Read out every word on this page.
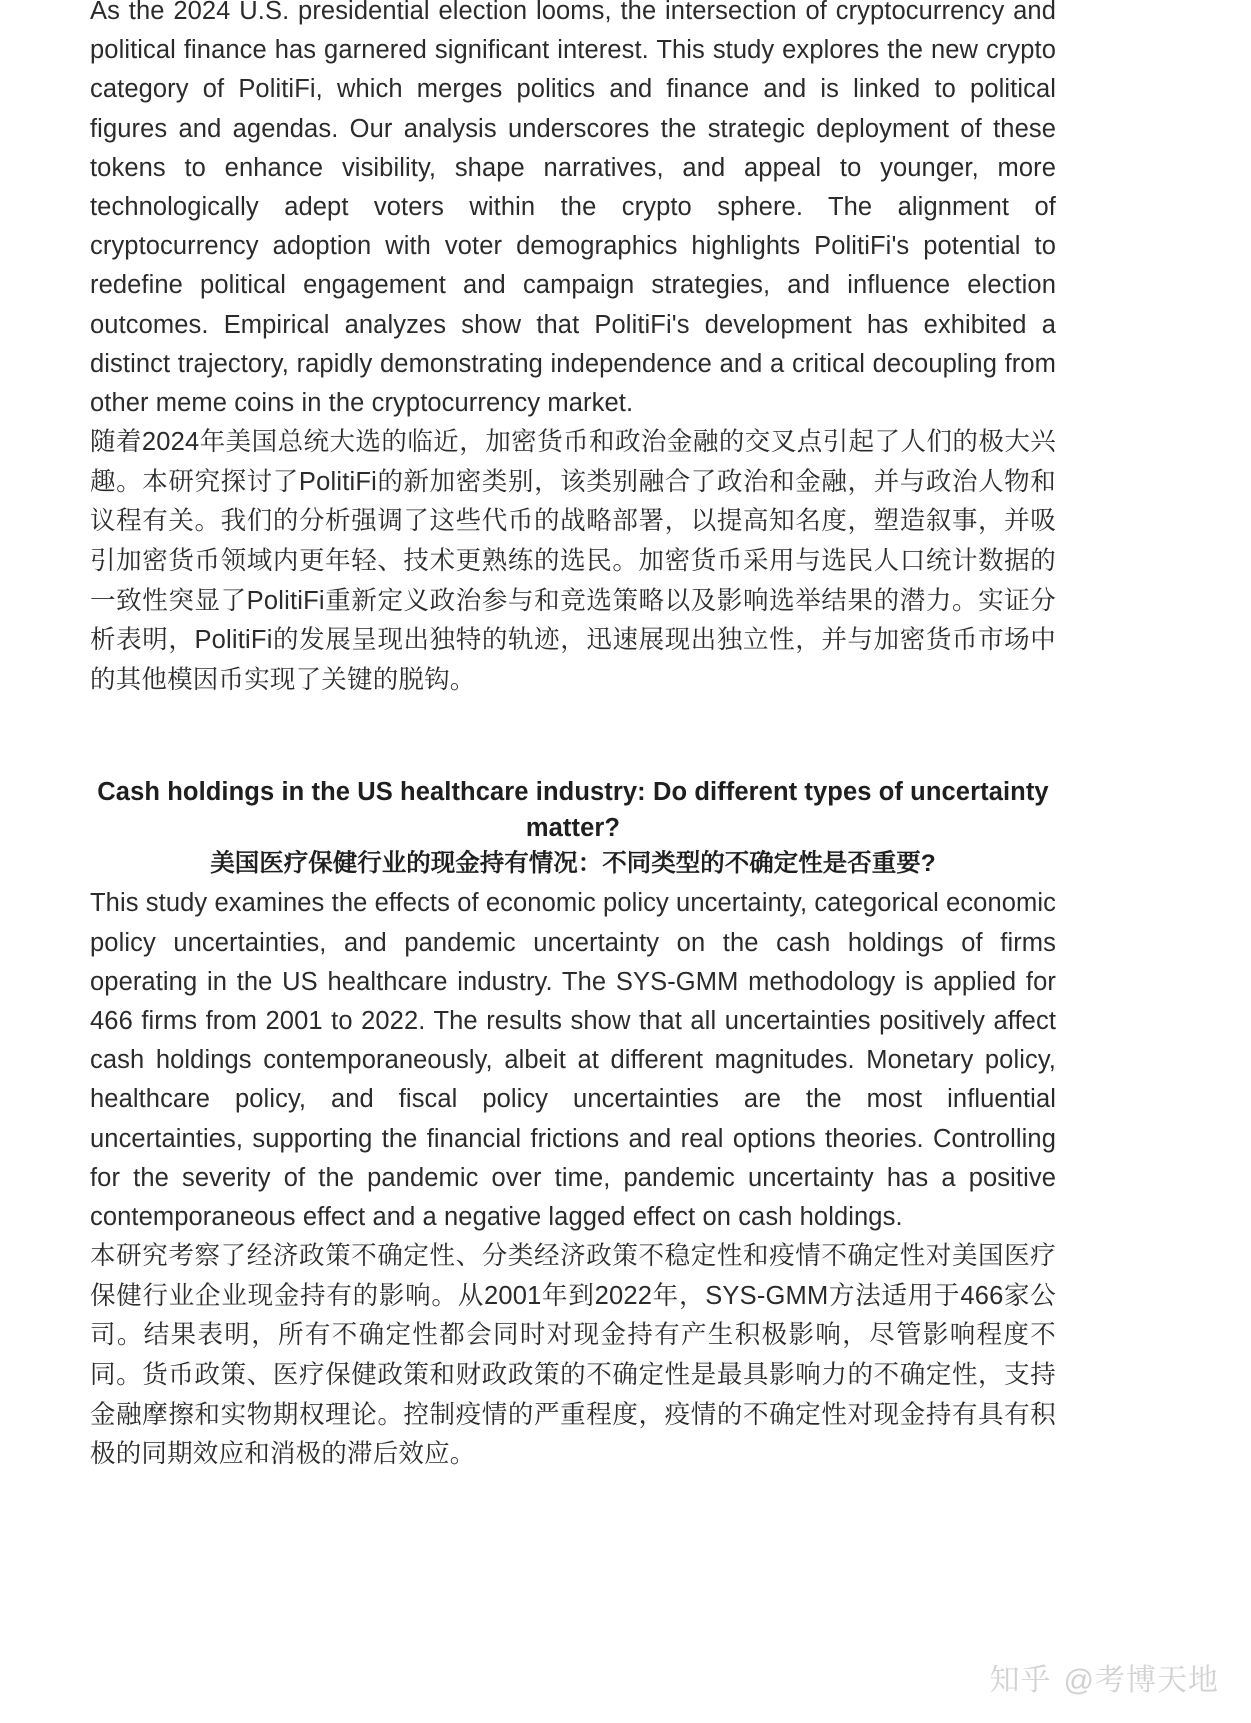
As the 2024 U.S. presidential election looms, the intersection of cryptocurrency and political finance has garnered significant interest. This study explores the new crypto category of PolitiFi, which merges politics and finance and is linked to political figures and agendas. Our analysis underscores the strategic deployment of these tokens to enhance visibility, shape narratives, and appeal to younger, more technologically adept voters within the crypto sphere. The alignment of cryptocurrency adoption with voter demographics highlights PolitiFi's potential to redefine political engagement and campaign strategies, and influence election outcomes. Empirical analyzes show that PolitiFi's development has exhibited a distinct trajectory, rapidly demonstrating independence and a critical decoupling from other meme coins in the cryptocurrency market.

随着2024年美国总统大选的临近，加密货币和政治金融的交叉点引起了人们的极大兴趣。本研究探讨了PolitiFi的新加密类别，该类别融合了政治和金融，并与政治人物和议程有关。我们的分析强调了这些代币的战略部署，以提高知名度，塑造叙事，并吸引加密货币领域内更年轻、技术更熟练的选民。加密货币采用与选民人口统计数据的一致性突显了PolitiFi重新定义政治参与和竞选策略以及影响选举结果的潜力。实证分析表明，PolitiFi的发展呈现出独特的轨迹，迅速展现出独立性，并与加密货币市场中的其他模因币实现了关键的脱钩。

Cash holdings in the US healthcare industry: Do different types of uncertainty matter?
美国医疗保健行业的现金持有情况：不同类型的不确定性是否重要?

This study examines the effects of economic policy uncertainty, categorical economic policy uncertainties, and pandemic uncertainty on the cash holdings of firms operating in the US healthcare industry. The SYS-GMM methodology is applied for 466 firms from 2001 to 2022. The results show that all uncertainties positively affect cash holdings contemporaneously, albeit at different magnitudes. Monetary policy, healthcare policy, and fiscal policy uncertainties are the most influential uncertainties, supporting the financial frictions and real options theories. Controlling for the severity of the pandemic over time, pandemic uncertainty has a positive contemporaneous effect and a negative lagged effect on cash holdings.

本研究考察了经济政策不确定性、分类经济政策不稳定性和疫情不确定性对美国医疗保健行业企业现金持有的影响。从2001年到2022年，SYS-GMM方法适用于466家公司。结果表明，所有不确定性都会同时对现金持有产生积极影响，尽管影响程度不同。货币政策、医疗保健政策和财政政策的不确定性是最具影响力的不确定性，支持金融摩擦和实物期权理论。控制疫情的严重程度，疫情的不确定性对现金持有具有积极的同期效应和消极的滞后效应。

知乎 @考博天地
